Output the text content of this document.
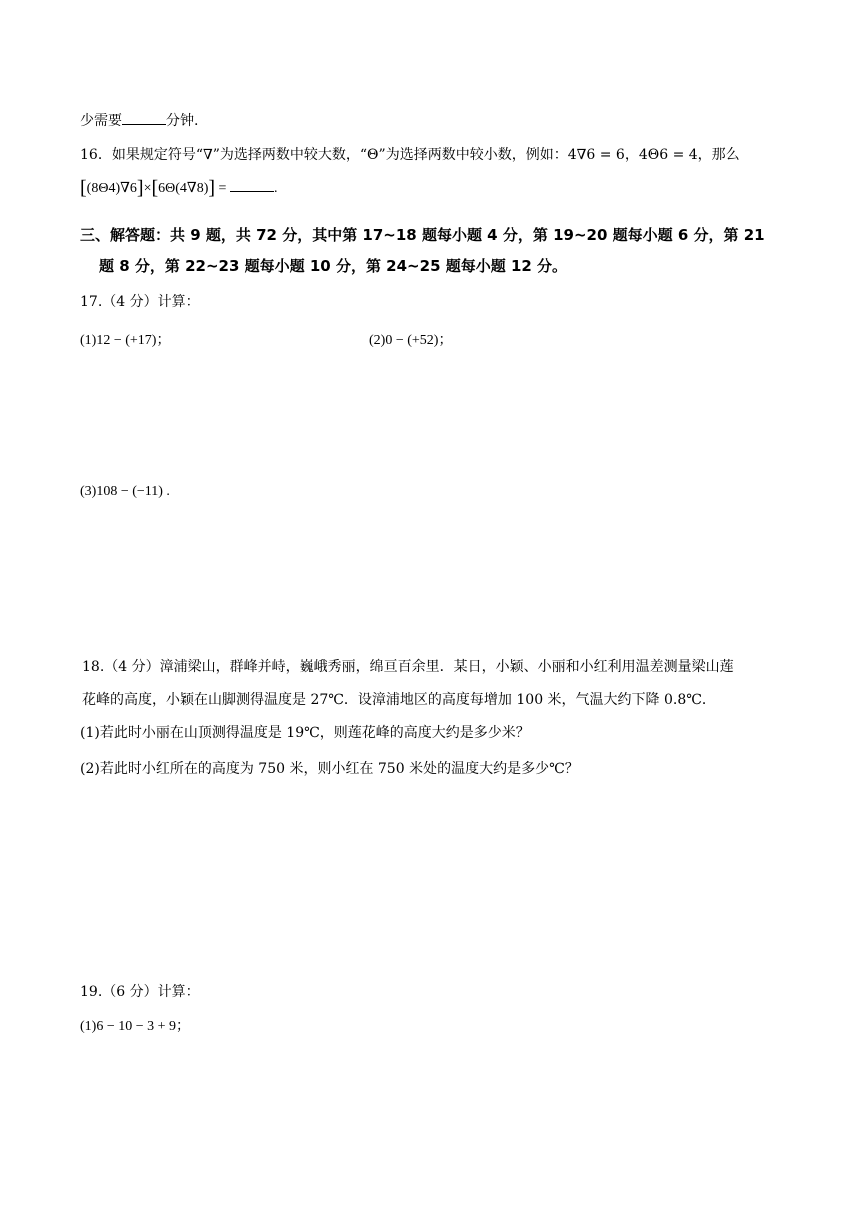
少需要	分钟.
16．如果规定符号“∇”为选择两数中较大数，“Θ”为选择两数中较小数，例如：4∇6 = 6，4Θ6 = 4，那么
[(8Θ4)∇6]×[6Θ(4∇8)] =	.
三、解答题：共 9 题，共 72 分，其中第 17~18 题每小题 4 分，第 19~20 题每小题 6 分，第 21
题 8 分，第 22~23 题每小题 10 分，第 24~25 题每小题 12 分。
17.（4 分）计算：
(1)12 − (+17)；	(2)0 − (+52)；
(3)108 − (−11) .
18.（4 分）漳浦梁山，群峰并峙，巍峨秀丽，绵亘百余里．某日，小颖、小丽和小红利用温差测量梁山莲
花峰的高度，小颖在山脚测得温度是 27℃．设漳浦地区的高度每增加 100 米，气温大约下降 0.8℃．
(1)若此时小丽在山顶测得温度是 19℃，则莲花峰的高度大约是多少米？
(2)若此时小红所在的高度为 750 米，则小红在 750 米处的温度大约是多少℃？
19.（6 分）计算：
(1)6 − 10 − 3 + 9；
